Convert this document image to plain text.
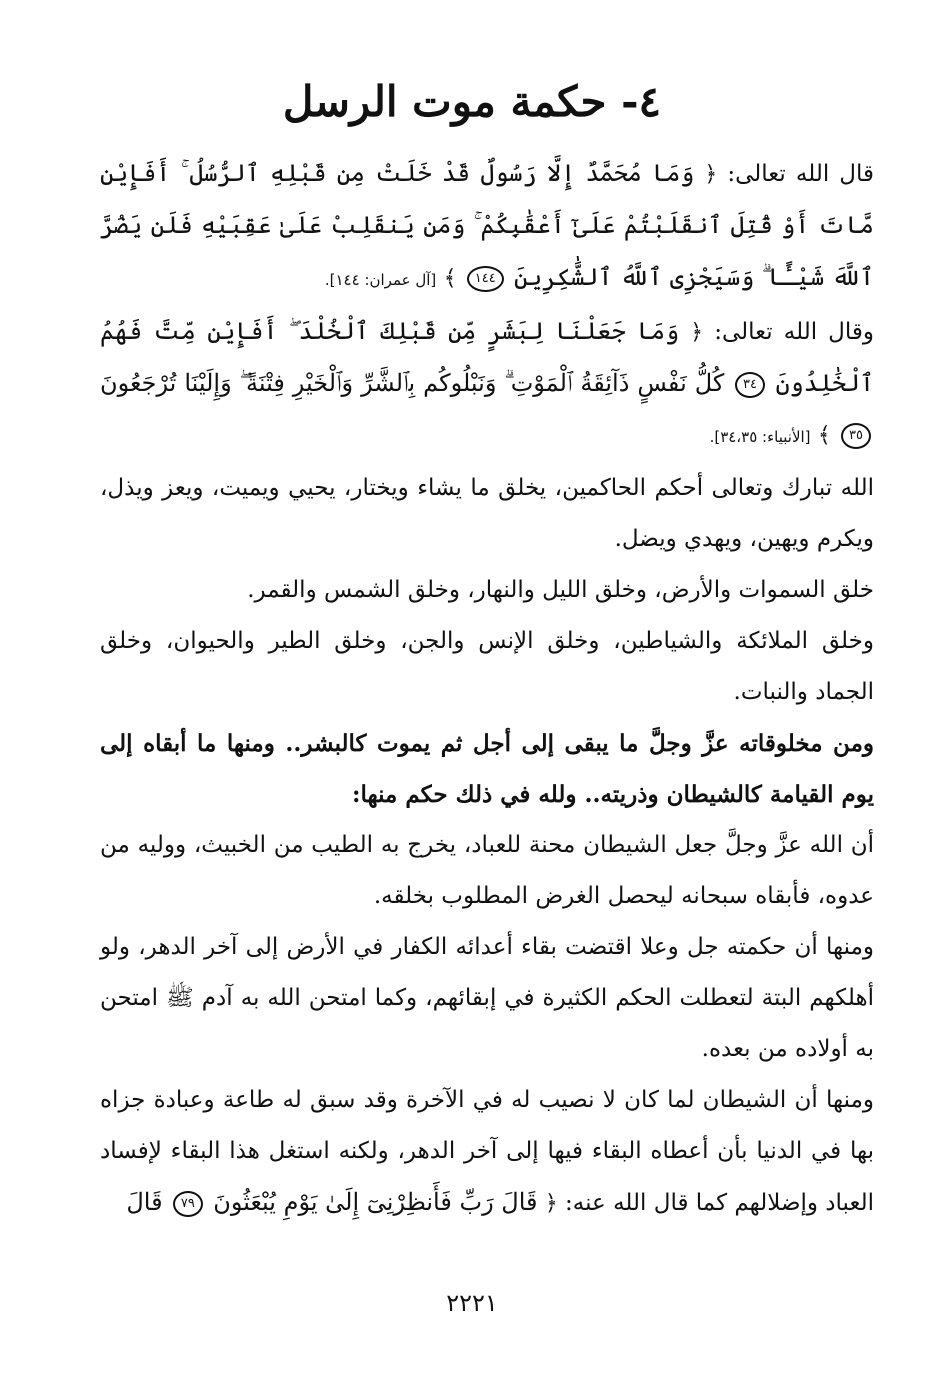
٤- حكمة موت الرسل

قال الله تعالى: ﴿ وَمَا مُحَمَّدٌ إِلَّا رَسُولٌ قَدْ خَلَتْ مِن قَبْلِهِ ٱلرُّسُلُ ۚ أَفَإِيْن مَّاتَ أَوْ قُتِلَ ٱنقَلَبْتُمْ عَلَىٰٓ أَعْقَٰبِكُمْ ۚ وَمَن يَنقَلِبْ عَلَىٰ عَقِبَيْهِ فَلَن يَضُرَّ ٱللَّهَ شَيْـًٔا ۗ وَسَيَجْزِى ٱللَّهُ ٱلشَّٰكِرِينَ ١٤٤ ﴾ [آل عمران: ١٤٤].

وقال الله تعالى: ﴿ وَمَا جَعَلْنَا لِبَشَرٍ مِّن قَبْلِكَ ٱلْخُلْدَ ۖ أَفَإِيْن مِّتَّ فَهُمُ ٱلْخَٰلِدُونَ ٣٤ كُلُّ نَفْسٍ ذَآئِقَةُ ٱلْمَوْتِ ۗ وَنَبْلُوكُم بِٱلشَّرِّ وَٱلْخَيْرِ فِتْنَةً ۖ وَإِلَيْنَا تُرْجَعُونَ ٣٥ ﴾ [الأنبياء: ٣٤،٣٥].

الله تبارك وتعالى أحكم الحاكمين، يخلق ما يشاء ويختار، يحيي ويميت، ويعز ويذل، ويكرم ويهين، ويهدي ويضل.

خلق السموات والأرض، وخلق الليل والنهار، وخلق الشمس والقمر.

وخلق الملائكة والشياطين، وخلق الإنس والجن، وخلق الطير والحيوان، وخلق الجماد والنبات.

ومن مخلوقاته عزَّ وجلَّ ما يبقى إلى أجل ثم يموت كالبشر.. ومنها ما أبقاه إلى يوم القيامة كالشيطان وذريته.. ولله في ذلك حكم منها:

أن الله عزَّ وجلَّ جعل الشيطان محنة للعباد، يخرج به الطيب من الخبيث، ووليه من عدوه، فأبقاه سبحانه ليحصل الغرض المطلوب بخلقه.

ومنها أن حكمته جل وعلا اقتضت بقاء أعدائه الكفار في الأرض إلى آخر الدهر، ولو أهلكهم البتة لتعطلت الحكم الكثيرة في إبقائهم، وكما امتحن الله به آدم ﷺ امتحن به أولاده من بعده.

ومنها أن الشيطان لما كان لا نصيب له في الآخرة وقد سبق له طاعة وعبادة جزاه بها في الدنيا بأن أعطاه البقاء فيها إلى آخر الدهر، ولكنه استغل هذا البقاء لإفساد العباد وإضلالهم كما قال الله عنه: ﴿ قَالَ رَبِّ فَأَنظِرْنِىٓ إِلَىٰ يَوْمِ يُبْعَثُونَ ٧٩ قَالَ

٢٢٢١
